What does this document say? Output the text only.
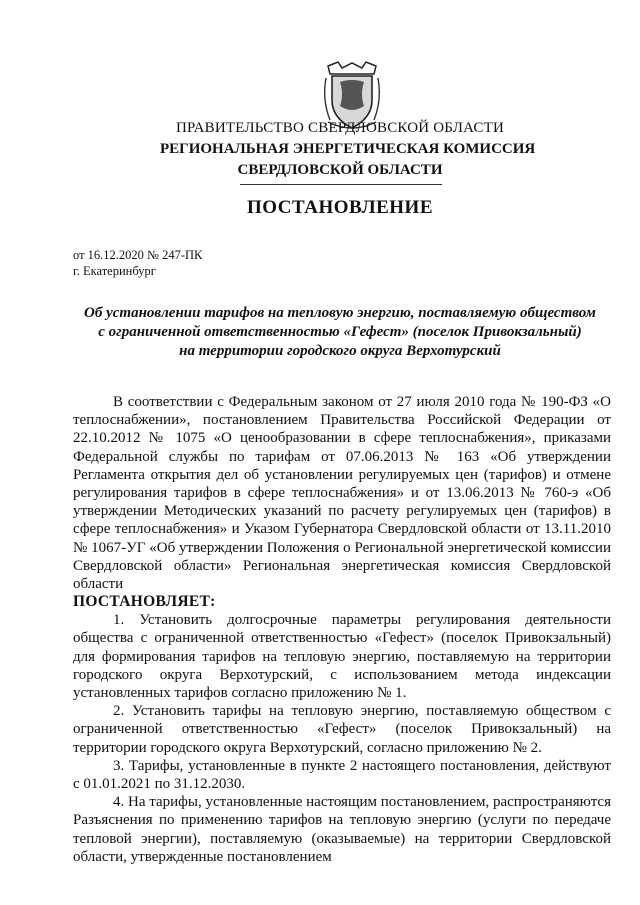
ПРАВИТЕЛЬСТВО СВЕРДЛОВСКОЙ ОБЛАСТИ
РЕГИОНАЛЬНАЯ ЭНЕРГЕТИЧЕСКАЯ КОМИССИЯ
СВЕРДЛОВСКОЙ ОБЛАСТИ
ПОСТАНОВЛЕНИЕ
от 16.12.2020 № 247-ПК
г. Екатеринбург
Об установлении тарифов на тепловую энергию, поставляемую обществом
с ограниченной ответственностью «Гефест» (поселок Привокзальный)
на территории городского округа Верхотурский
В соответствии с Федеральным законом от 27 июля 2010 года № 190-ФЗ «О теплоснабжении», постановлением Правительства Российской Федерации от 22.10.2012 № 1075 «О ценообразовании в сфере теплоснабжения», приказами Федеральной службы по тарифам от 07.06.2013 № 163 «Об утверждении Регламента открытия дел об установлении регулируемых цен (тарифов) и отмене регулирования тарифов в сфере теплоснабжения» и от 13.06.2013 № 760-э «Об утверждении Методических указаний по расчету регулируемых цен (тарифов) в сфере теплоснабжения» и Указом Губернатора Свердловской области от 13.11.2010 № 1067-УГ «Об утверждении Положения о Региональной энергетической комиссии Свердловской области» Региональная энергетическая комиссия Свердловской области
ПОСТАНОВЛЯЕТ:
1. Установить долгосрочные параметры регулирования деятельности общества с ограниченной ответственностью «Гефест» (поселок Привокзальный) для формирования тарифов на тепловую энергию, поставляемую на территории городского округа Верхотурский, с использованием метода индексации установленных тарифов согласно приложению № 1.
2. Установить тарифы на тепловую энергию, поставляемую обществом с ограниченной ответственностью «Гефест» (поселок Привокзальный) на территории городского округа Верхотурский, согласно приложению № 2.
3. Тарифы, установленные в пункте 2 настоящего постановления, действуют с 01.01.2021 по 31.12.2030.
4. На тарифы, установленные настоящим постановлением, распространяются Разъяснения по применению тарифов на тепловую энергию (услуги по передаче тепловой энергии), поставляемую (оказываемые) на территории Свердловской области, утвержденные постановлением
